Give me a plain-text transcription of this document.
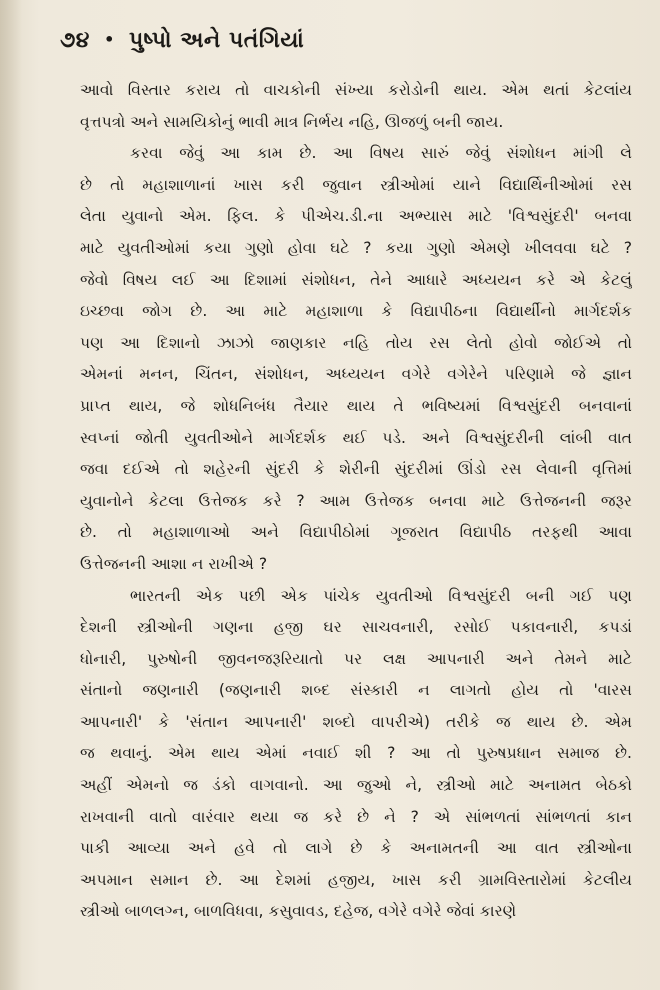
૭૪ • પુષ્પો અને પતંગિયાં
આવો વિસ્તાર કરાય તો વાચકોની સંખ્યા કરોડોની થાય. એમ થતાં કેટલાંય
વૃત્તપત્રો અને સામયિકોનું ભાવી માત્ર નિર્ભય નહિ, ઊજળું બની જાય.
કરવા જેવું આ કામ છે. આ વિષય સારું જેવું સંશોધન માંગી લે
છે તો મહાશાળાનાં ખાસ કરી જુવાન સ્ત્રીઓમાં યાને વિદ્યાર્થિનીઓમાં રસ
લેતા યુવાનો એમ. ફિલ. કે પીએચ.ડી.ના અભ્યાસ માટે 'વિશ્વસુંદરી' બનવા
માટે યુવતીઓમાં કયા ગુણો હોવા ઘટે ? કયા ગુણો એમણે ખીલવવા ઘટે ?
જેવો વિષય લઈ આ દિશામાં સંશોધન, તેને આધારે અધ્યયન કરે એ કેટલું
ઇચ્છવા જોગ છે. આ માટે મહાશાળા કે વિદ્યાપીઠના વિદ્યાર્થીનો માર્ગદર્શક
પણ આ દિશાનો ઝાઝો જાણકાર નહિ તોય રસ લેતો હોવો જોઈએ તો
એમનાં મનન, ચિંતન, સંશોધન, અધ્યયન વગેરે વગેરેને પરિણામે જે જ્ઞાન
પ્રાપ્ત થાય, જે શોધનિબંધ તૈયાર થાય તે ભવિષ્યમાં વિશ્વસુંદરી બનવાનાં
સ્વપ્નાં જોતી યુવતીઓને માર્ગદર્શક થઈ પડે. અને વિશ્વસુંદરીની લાંબી વાત
જવા દઈએ તો શહેરની સુંદરી કે શેરીની સુંદરીમાં ઊંડો રસ લેવાની વૃત્તિમાં
યુવાનોને કેટલા ઉત્તેજક કરે ? આમ ઉત્તેજક બનવા માટે ઉત્તેજનની જરૂર
છે. તો મહાશાળાઓ અને વિદ્યાપીઠોમાં ગૂજરાત વિદ્યાપીઠ તરફથી આવા
ઉત્તેજનની આશા ન રાખીએ ?
ભારતની એક પછી એક પાંચેક યુવતીઓ વિશ્વસુંદરી બની ગઈ પણ
દેશની સ્ત્રીઓની ગણના હજી ઘર સાચવનારી, રસોઈ પકાવનારી, કપડાં
ધોનારી, પુરુષોની જીવનજરૂરિયાતો પર લક્ષ આપનારી અને તેમને માટે
સંતાનો જણનારી (જણનારી શબ્દ સંસ્કારી ન લાગતો હોય તો 'વારસ
આપનારી' કે 'સંતાન આપનારી' શબ્દો વાપરીએ) તરીકે જ થાય છે. એમ
જ થવાનું. એમ થાય એમાં નવાઈ શી ? આ તો પુરુષપ્રધાન સમાજ છે.
અહીં એમનો જ ડંકો વાગવાનો. આ જુઓ ને, સ્ત્રીઓ માટે અનામત બેઠકો
રાખવાની વાતો વારંવાર થયા જ કરે છે ને ? એ સાંભળતાં સાંભળતાં કાન
પાકી આવ્યા અને હવે તો લાગે છે કે અનામતની આ વાત સ્ત્રીઓના
અપમાન સમાન છે. આ દેશમાં હજીય, ખાસ કરી ગ્રામવિસ્તારોમાં કેટલીય
સ્ત્રીઓ બાળલગ્ન, બાળવિધવા, કસુવાવડ, દહેજ, વગેરે વગેરે જેવાં કારણે
